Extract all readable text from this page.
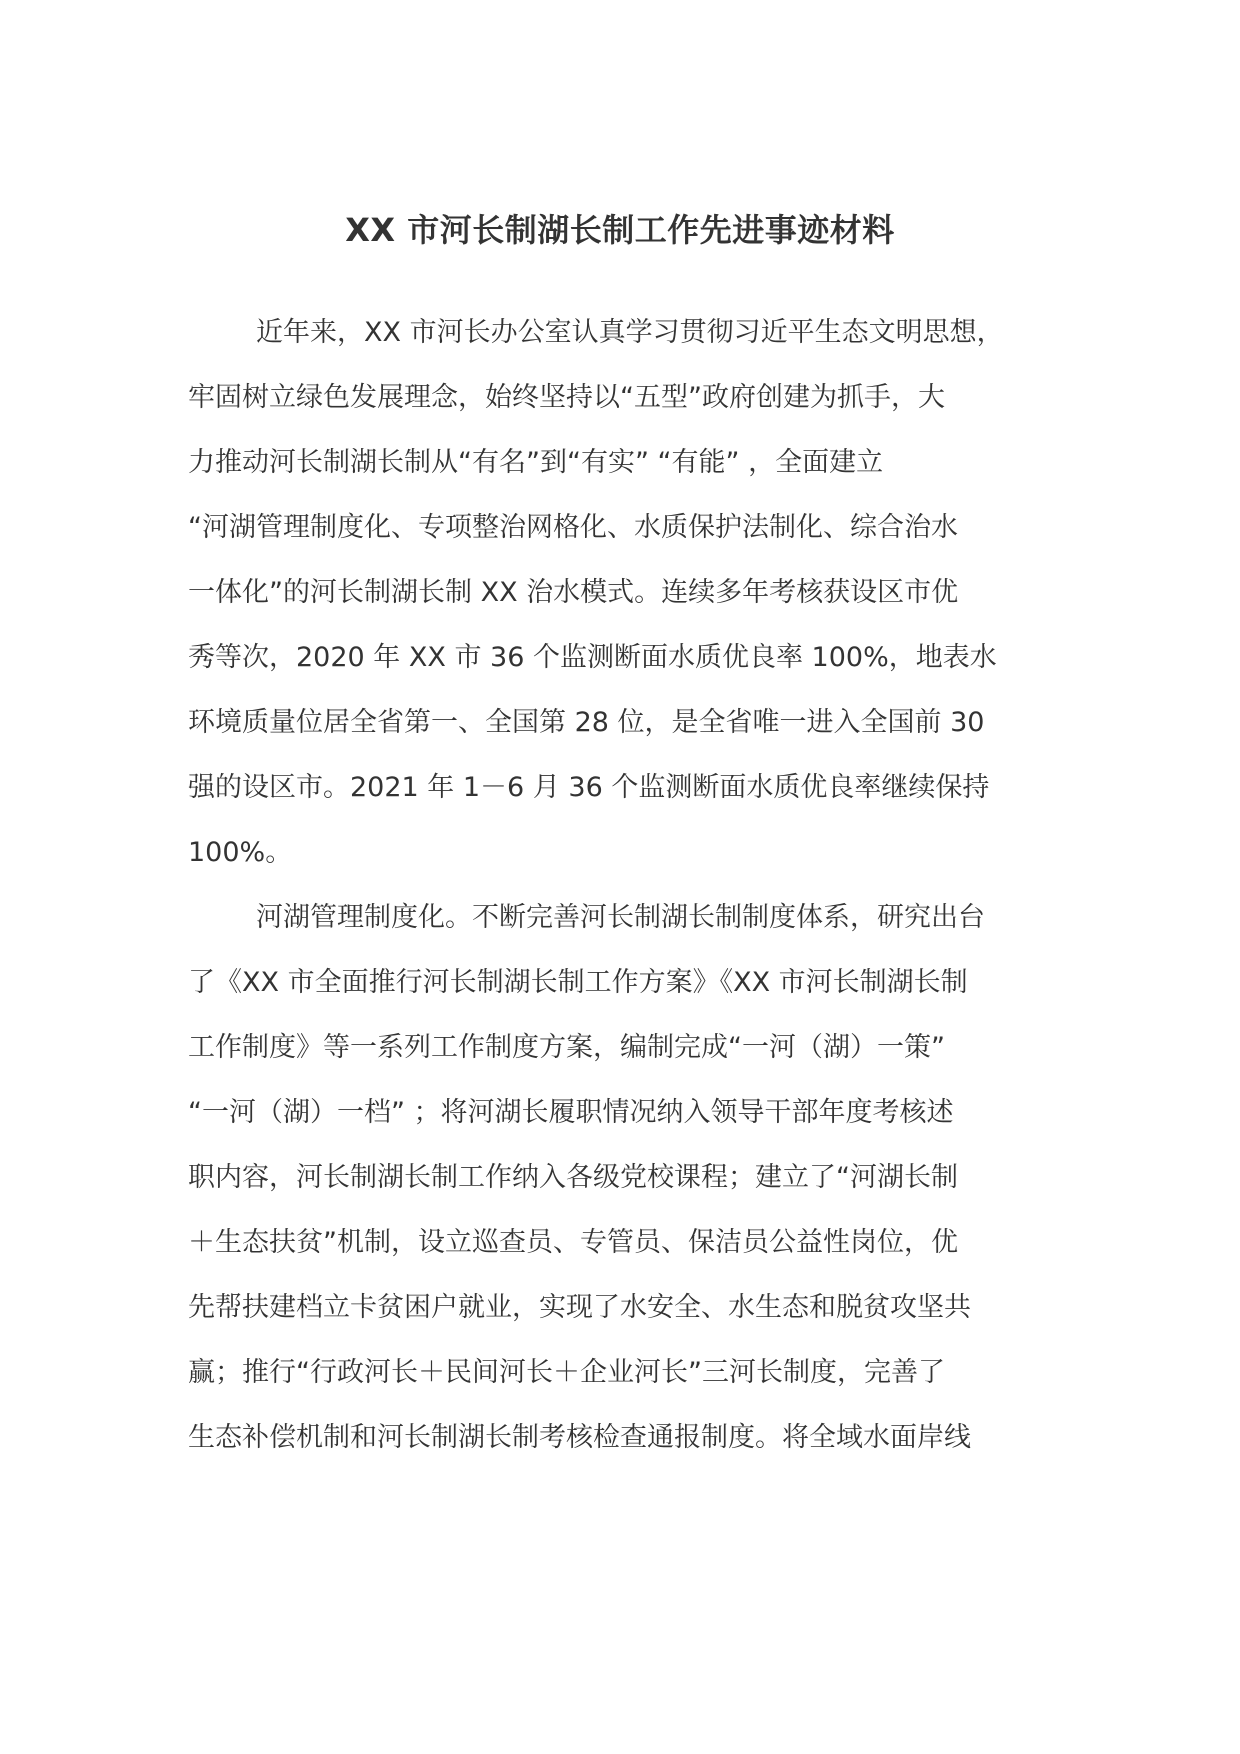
XX 市河长制湖长制工作先进事迹材料
近年来，XX 市河长办公室认真学习贯彻习近平生态文明思想，
牢固树立绿色发展理念，始终坚持以“五型”政府创建为抓手，大
力推动河长制湖长制从“有名”到“有实” “有能” ，全面建立
“河湖管理制度化、专项整治网格化、水质保护法制化、综合治水
一体化”的河长制湖长制 XX 治水模式。连续多年考核获设区市优
秀等次，2020 年 XX 市 36 个监测断面水质优良率 100%，地表水
环境质量位居全省第一、全国第 28 位，是全省唯一进入全国前 30
强的设区市。2021 年 1－6 月 36 个监测断面水质优良率继续保持
100%。
河湖管理制度化。不断完善河长制湖长制制度体系，研究出台
了《XX 市全面推行河长制湖长制工作方案》《XX 市河长制湖长制
工作制度》等一系列工作制度方案，编制完成“一河（湖）一策”
“一河（湖）一档” ；将河湖长履职情况纳入领导干部年度考核述
职内容，河长制湖长制工作纳入各级党校课程；建立了“河湖长制
＋生态扶贫”机制，设立巡查员、专管员、保洁员公益性岗位，优
先帮扶建档立卡贫困户就业，实现了水安全、水生态和脱贫攻坚共
赢；推行“行政河长＋民间河长＋企业河长”三河长制度，完善了
生态补偿机制和河长制湖长制考核检查通报制度。将全域水面岸线
